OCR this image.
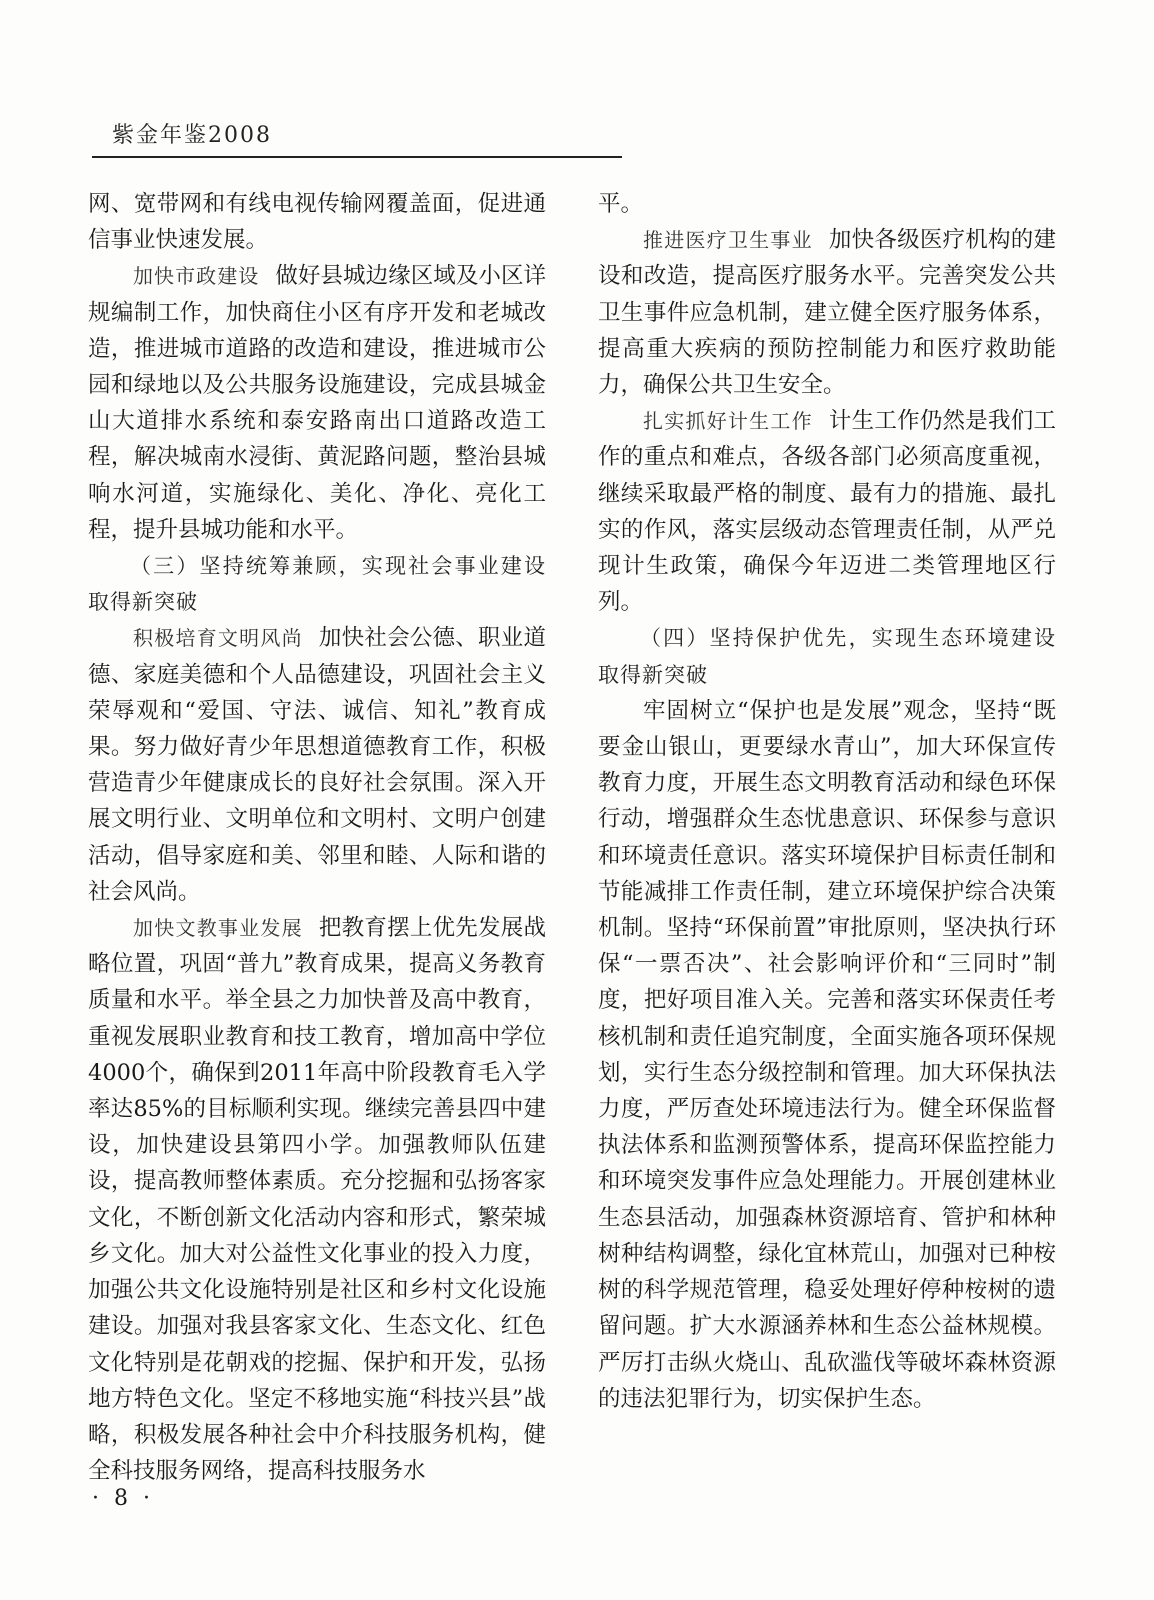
紫金年鉴2008

网、宽带网和有线电视传输网覆盖面，促进通信事业快速发展。

加快市政建设 做好县城边缘区域及小区详规编制工作，加快商住小区有序开发和老城改造，推进城市道路的改造和建设，推进城市公园和绿地以及公共服务设施建设，完成县城金山大道排水系统和泰安路南出口道路改造工程，解决城南水浸街、黄泥路问题，整治县城响水河道，实施绿化、美化、净化、亮化工程，提升县城功能和水平。

（三）坚持统筹兼顾，实现社会事业建设取得新突破

积极培育文明风尚 加快社会公德、职业道德、家庭美德和个人品德建设，巩固社会主义荣辱观和“爱国、守法、诚信、知礼”教育成果。努力做好青少年思想道德教育工作，积极营造青少年健康成长的良好社会氛围。深入开展文明行业、文明单位和文明村、文明户创建活动，倡导家庭和美、邻里和睦、人际和谐的社会风尚。

加快文教事业发展 把教育摆上优先发展战略位置，巩固“普九”教育成果，提高义务教育质量和水平。举全县之力加快普及高中教育，重视发展职业教育和技工教育，增加高中学位4000个，确保到2011年高中阶段教育毛入学率达85%的目标顺利实现。继续完善县四中建设，加快建设县第四小学。加强教师队伍建设，提高教师整体素质。充分挖掘和弘扬客家文化，不断创新文化活动内容和形式，繁荣城乡文化。加大对公益性文化事业的投入力度，加强公共文化设施特别是社区和乡村文化设施建设。加强对我县客家文化、生态文化、红色文化特别是花朝戏的挖掘、保护和开发，弘扬地方特色文化。坚定不移地实施“科技兴县”战略，积极发展各种社会中介科技服务机构，健全科技服务网络，提高科技服务水

平。

推进医疗卫生事业 加快各级医疗机构的建设和改造，提高医疗服务水平。完善突发公共卫生事件应急机制，建立健全医疗服务体系，提高重大疾病的预防控制能力和医疗救助能力，确保公共卫生安全。

扎实抓好计生工作 计生工作仍然是我们工作的重点和难点，各级各部门必须高度重视，继续采取最严格的制度、最有力的措施、最扎实的作风，落实层级动态管理责任制，从严兑现计生政策，确保今年迈进二类管理地区行列。

（四）坚持保护优先，实现生态环境建设取得新突破

牢固树立“保护也是发展”观念，坚持“既要金山银山，更要绿水青山”，加大环保宣传教育力度，开展生态文明教育活动和绿色环保行动，增强群众生态忧患意识、环保参与意识和环境责任意识。落实环境保护目标责任制和节能减排工作责任制，建立环境保护综合决策机制。坚持“环保前置”审批原则，坚决执行环保“一票否决”、社会影响评价和“三同时”制度，把好项目准入关。完善和落实环保责任考核机制和责任追究制度，全面实施各项环保规划，实行生态分级控制和管理。加大环保执法力度，严厉查处环境违法行为。健全环保监督执法体系和监测预警体系，提高环保监控能力和环境突发事件应急处理能力。开展创建林业生态县活动，加强森林资源培育、管护和林种树种结构调整，绿化宜林荒山，加强对已种桉树的科学规范管理，稳妥处理好停种桉树的遗留问题。扩大水源涵养林和生态公益林规模。严厉打击纵火烧山、乱砍滥伐等破坏森林资源的违法犯罪行为，切实保护生态。

· 8 ·
